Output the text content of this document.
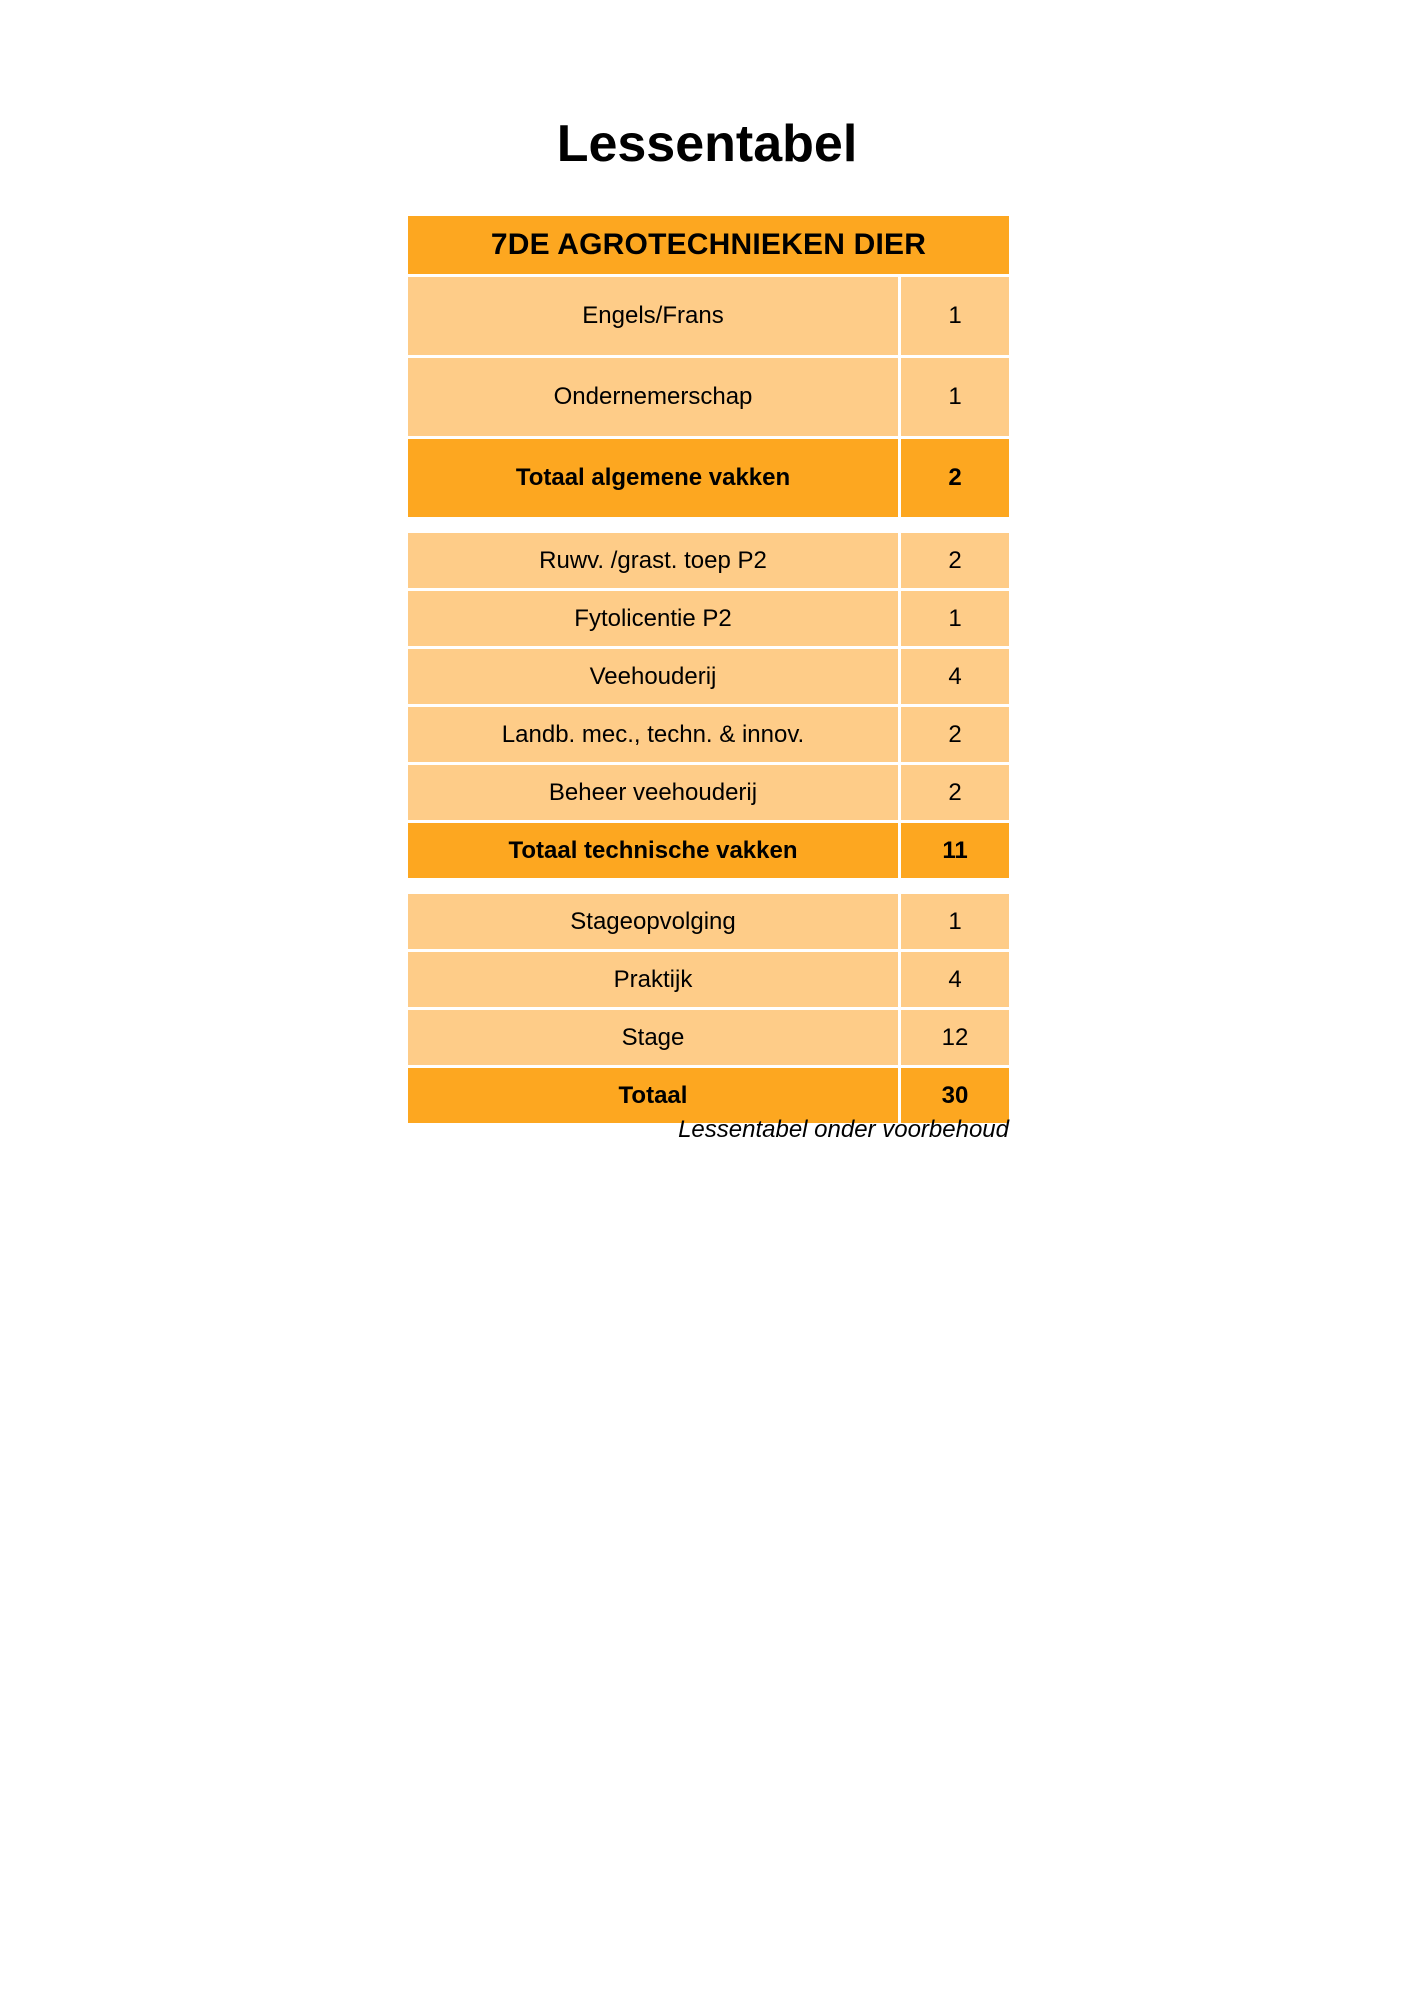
Lessentabel
7DE AGROTECHNIEKEN DIER
Engels/Frans	1
Ondernemerschap	1
Totaal algemene vakken	2
Ruwv. /grast. toep P2	2
Fytolicentie P2	1
Veehouderij	4
Landb. mec., techn. & innov.	2
Beheer veehouderij	2
Totaal technische vakken	11
Stageopvolging	1
Praktijk	4
Stage	12
Totaal	30
Lessentabel onder voorbehoud
